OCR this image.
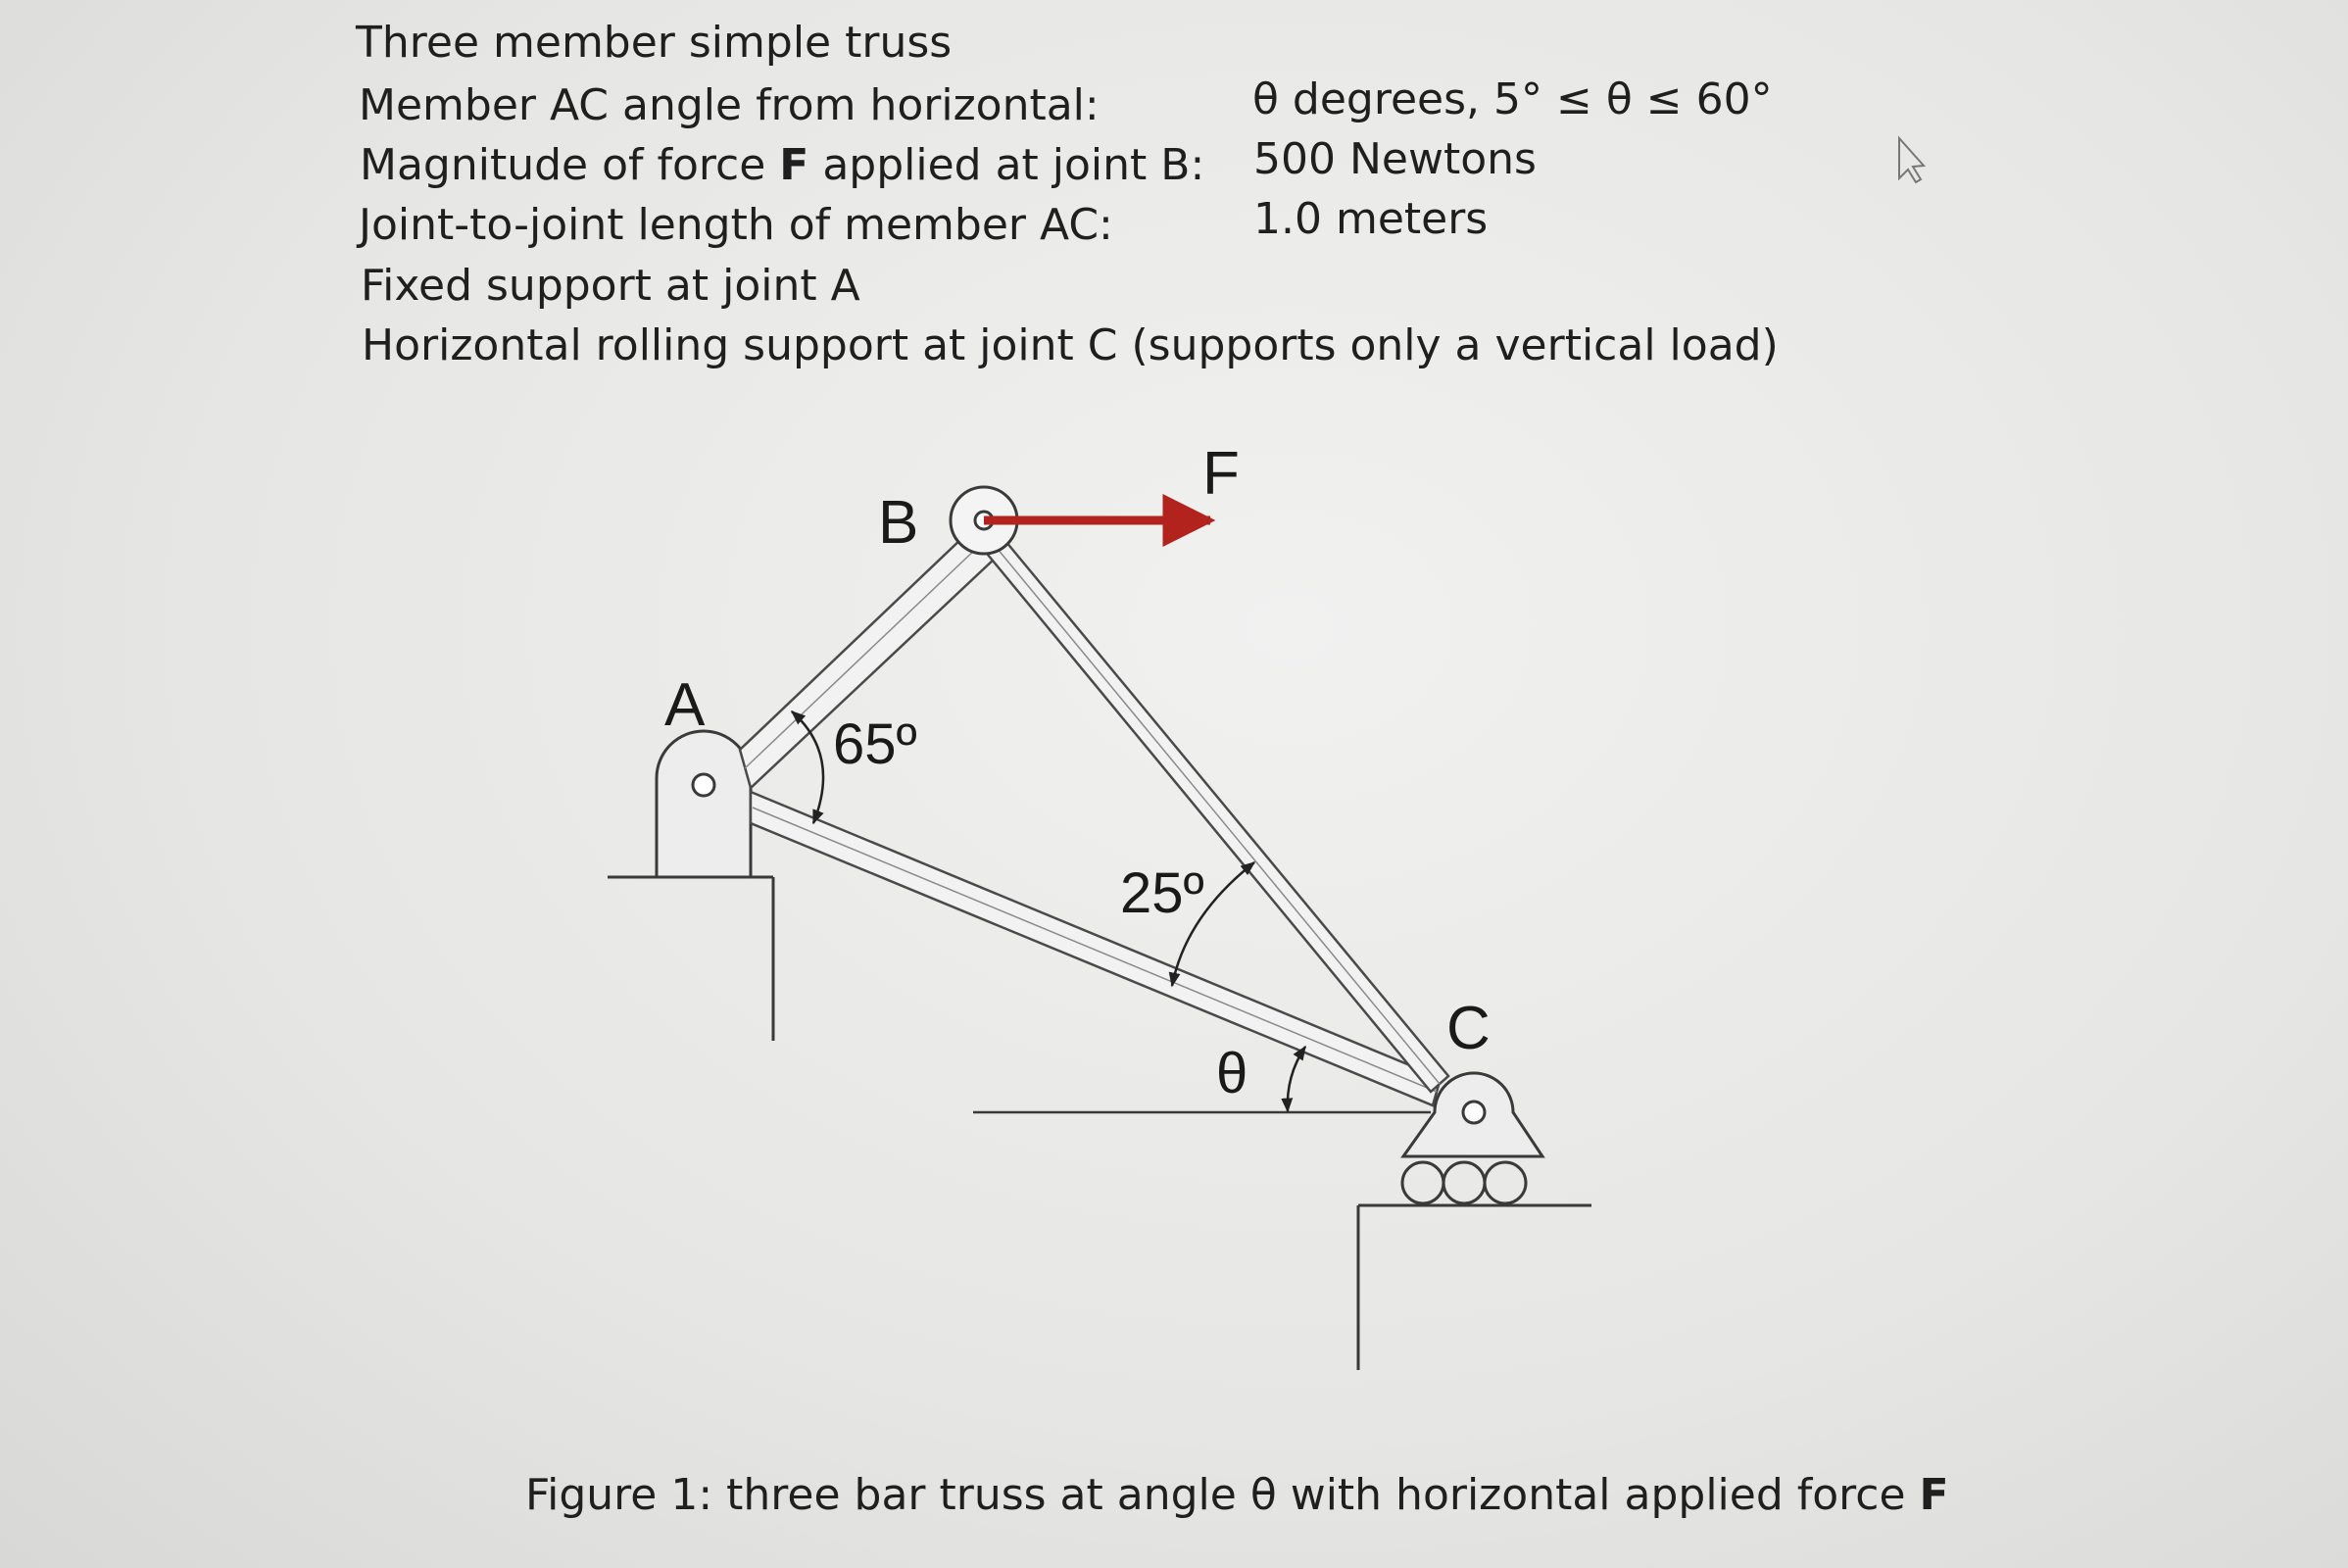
Three member simple truss
Member AC angle from horizontal:	θ degrees, 5° ≤ θ ≤ 60°
Magnitude of force F applied at joint B: 500 Newtons
Joint-to-joint length of member AC:	1.0 meters
Fixed support at joint A
Horizontal rolling support at joint C (supports only a vertical load)
A
B
C
F
65º
25º
θ
Figure 1: three bar truss at angle θ with horizontal applied force F
